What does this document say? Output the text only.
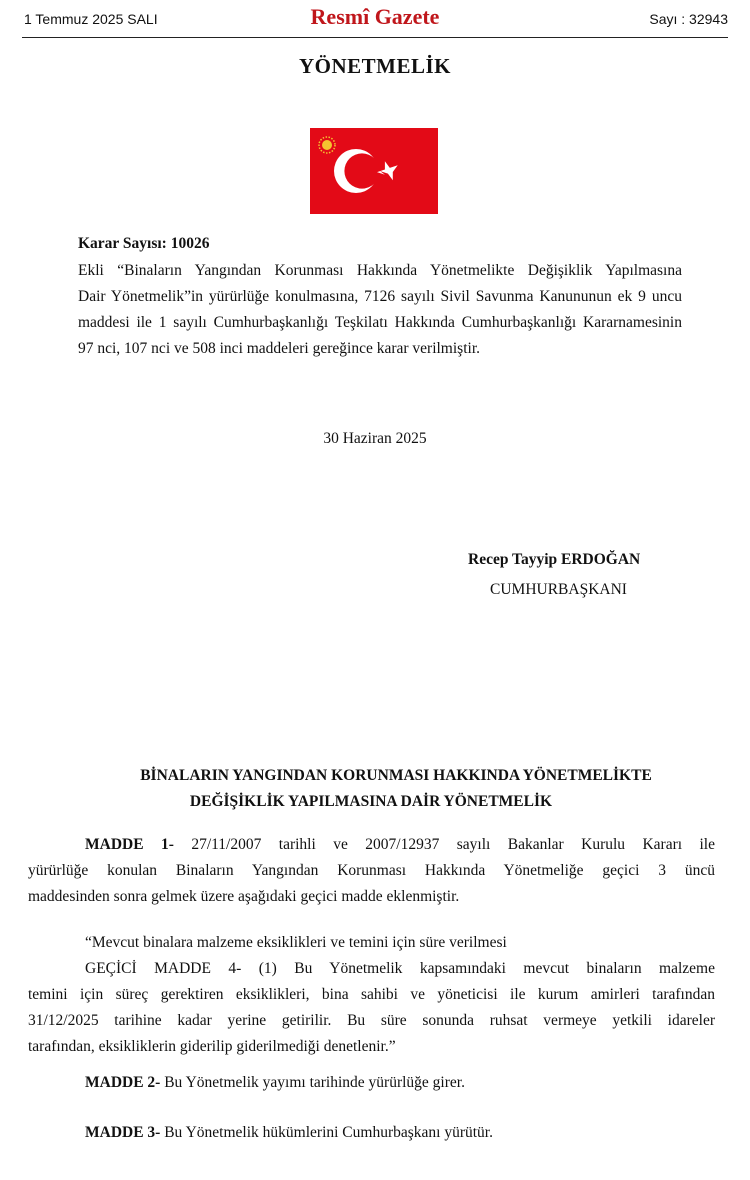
1 Temmuz 2025 SALI	Resmî Gazete	Sayı : 32943
YÖNETMELİK
Karar Sayısı: 10026
Ekli “Binaların Yangından Korunması Hakkında Yönetmelikte Değişiklik Yapılmasına
Dair Yönetmelik”in yürürlüğe konulmasına, 7126 sayılı Sivil Savunma Kanununun ek 9 uncu
maddesi ile 1 sayılı Cumhurbaşkanlığı Teşkilatı Hakkında Cumhurbaşkanlığı Kararnamesinin
97 nci, 107 nci ve 508 inci maddeleri gereğince karar verilmiştir.
30 Haziran 2025
Recep Tayyip ERDOĞAN
CUMHURBAŞKANI
BİNALARIN YANGINDAN KORUNMASI HAKKINDA YÖNETMELİKTE
DEĞİŞİKLİK YAPILMASINA DAİR YÖNETMELİK
MADDE 1- 27/11/2007 tarihli ve 2007/12937 sayılı Bakanlar Kurulu Kararı ile
yürürlüğe konulan Binaların Yangından Korunması Hakkında Yönetmeliğe geçici 3 üncü
maddesinden sonra gelmek üzere aşağıdaki geçici madde eklenmiştir.
“Mevcut binalara malzeme eksiklikleri ve temini için süre verilmesi
GEÇİCİ MADDE 4- (1) Bu Yönetmelik kapsamındaki mevcut binaların malzeme
temini için süreç gerektiren eksiklikleri, bina sahibi ve yöneticisi ile kurum amirleri tarafından
31/12/2025 tarihine kadar yerine getirilir. Bu süre sonunda ruhsat vermeye yetkili idareler
tarafından, eksikliklerin giderilip giderilmediği denetlenir.”
MADDE 2- Bu Yönetmelik yayımı tarihinde yürürlüğe girer.
MADDE 3- Bu Yönetmelik hükümlerini Cumhurbaşkanı yürütür.
